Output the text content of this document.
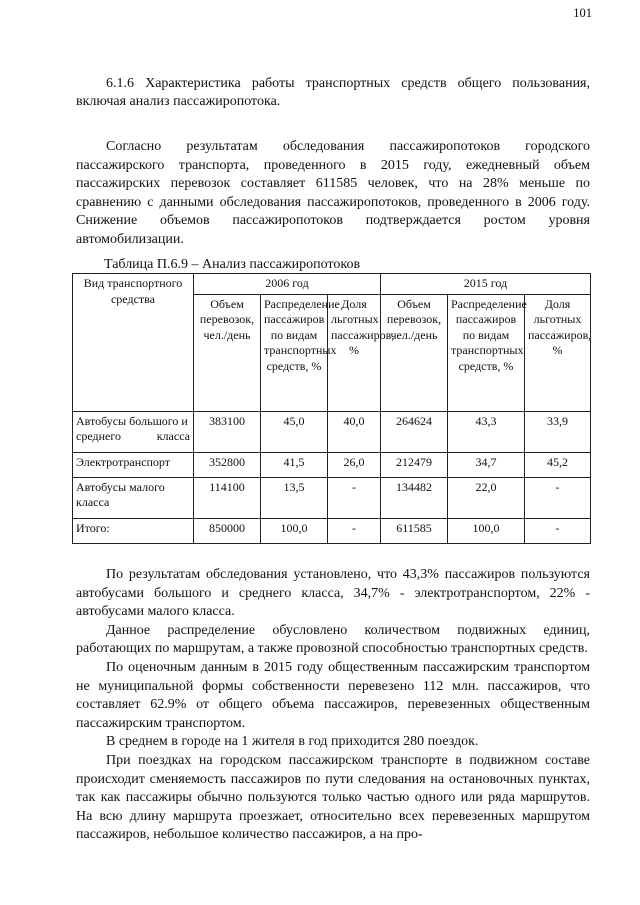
101
6.1.6 Характеристика работы транспортных средств общего пользования, включая анализ пассажиропотока.
Согласно результатам обследования пассажиропотоков городского пассажирского транспорта, проведенного в 2015 году, ежедневный объем пассажирских перевозок составляет 611585 человек, что на 28% меньше по сравнению с данными обследования пассажиропотоков, проведенного в 2006 году. Снижение объемов пассажиропотоков подтверждается ростом уровня автомобилизации.
Таблица П.6.9 – Анализ пассажиропотоков
Вид транспортного средства	2006 год			2015 год		
	Объем перевозок, чел./день	Распределение пассажиров по видам транспортных средств, %	Доля льготных пассажиров, %	Объем перевозок, чел./день	Распределение пассажиров по видам транспортных средств, %	Доля льготных пассажиров, %
Автобусы большого и среднего класса	383100	45,0	40,0	264624	43,3	33,9
Электротранспорт	352800	41,5	26,0	212479	34,7	45,2
Автобусы малого класса	114100	13,5	-	134482	22,0	-
Итого:	850000	100,0	-	611585	100,0	-

По результатам обследования установлено, что 43,3% пассажиров пользуются автобусами большого и среднего класса, 34,7% - электротранспортом, 22% - автобусами малого класса.

Данное распределение обусловлено количеством подвижных единиц, работающих по маршрутам, а также провозной способностью транспортных средств.

По оценочным данным в 2015 году общественным пассажирским транспортом не муниципальной формы собственности перевезено 112 млн. пассажиров, что составляет 62.9% от общего объема пассажиров, перевезенных общественным пассажирским транспортом.

В среднем в городе на 1 жителя в год приходится 280 поездок.

При поездках на городском пассажирском транспорте в подвижном составе происходит сменяемость пассажиров по пути следования на остановочных пунктах, так как пассажиры обычно пользуются только частью одного или ряда маршрутов. На всю длину маршрута проезжает, относительно всех перевезенных маршрутом пассажиров, небольшое количество пассажиров, а на про-
